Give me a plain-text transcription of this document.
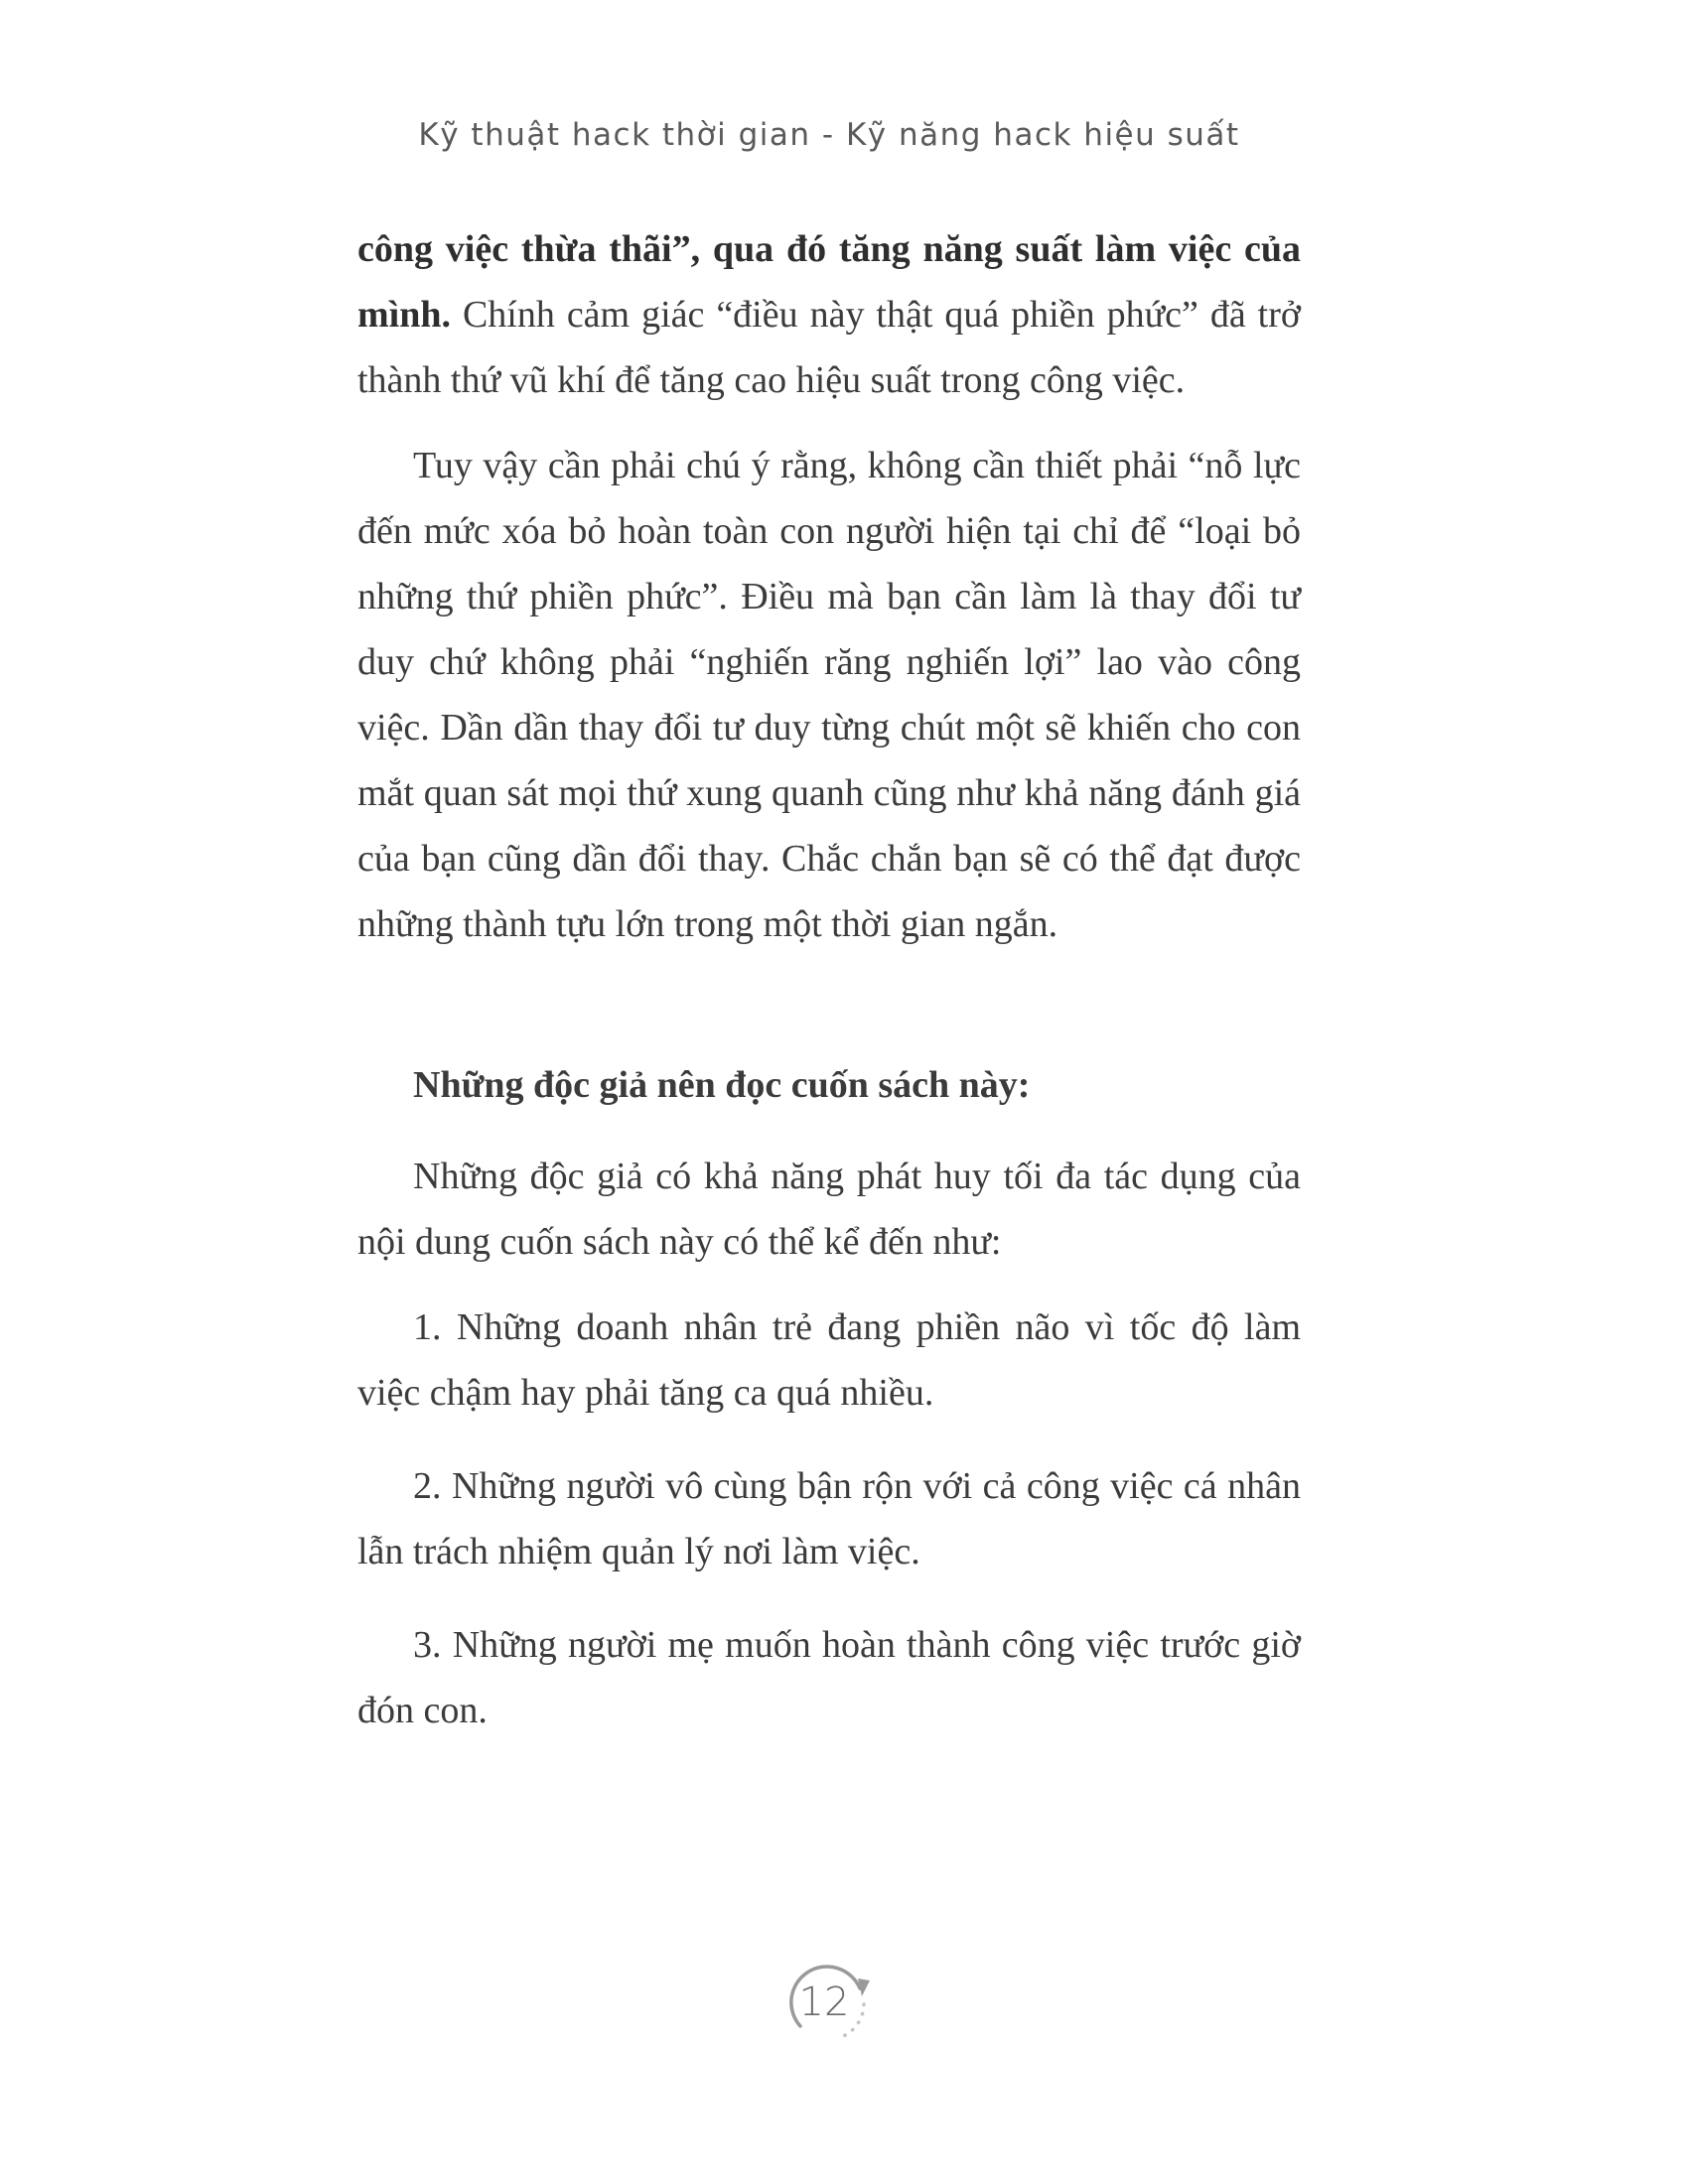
Kỹ thuật hack thời gian - Kỹ năng hack hiệu suất

công việc thừa thãi”, qua đó tăng năng suất làm việc của mình. Chính cảm giác “điều này thật quá phiền phức” đã trở thành thứ vũ khí để tăng cao hiệu suất trong công việc.

Tuy vậy cần phải chú ý rằng, không cần thiết phải “nỗ lực đến mức xóa bỏ hoàn toàn con người hiện tại chỉ để “loại bỏ những thứ phiền phức”. Điều mà bạn cần làm là thay đổi tư duy chứ không phải “nghiến răng nghiến lợi” lao vào công việc. Dần dần thay đổi tư duy từng chút một sẽ khiến cho con mắt quan sát mọi thứ xung quanh cũng như khả năng đánh giá của bạn cũng dần đổi thay. Chắc chắn bạn sẽ có thể đạt được những thành tựu lớn trong một thời gian ngắn.

Những độc giả nên đọc cuốn sách này:

Những độc giả có khả năng phát huy tối đa tác dụng của nội dung cuốn sách này có thể kể đến như:

1. Những doanh nhân trẻ đang phiền não vì tốc độ làm việc chậm hay phải tăng ca quá nhiều.

2. Những người vô cùng bận rộn với cả công việc cá nhân lẫn trách nhiệm quản lý nơi làm việc.

3. Những người mẹ muốn hoàn thành công việc trước giờ đón con.

12
